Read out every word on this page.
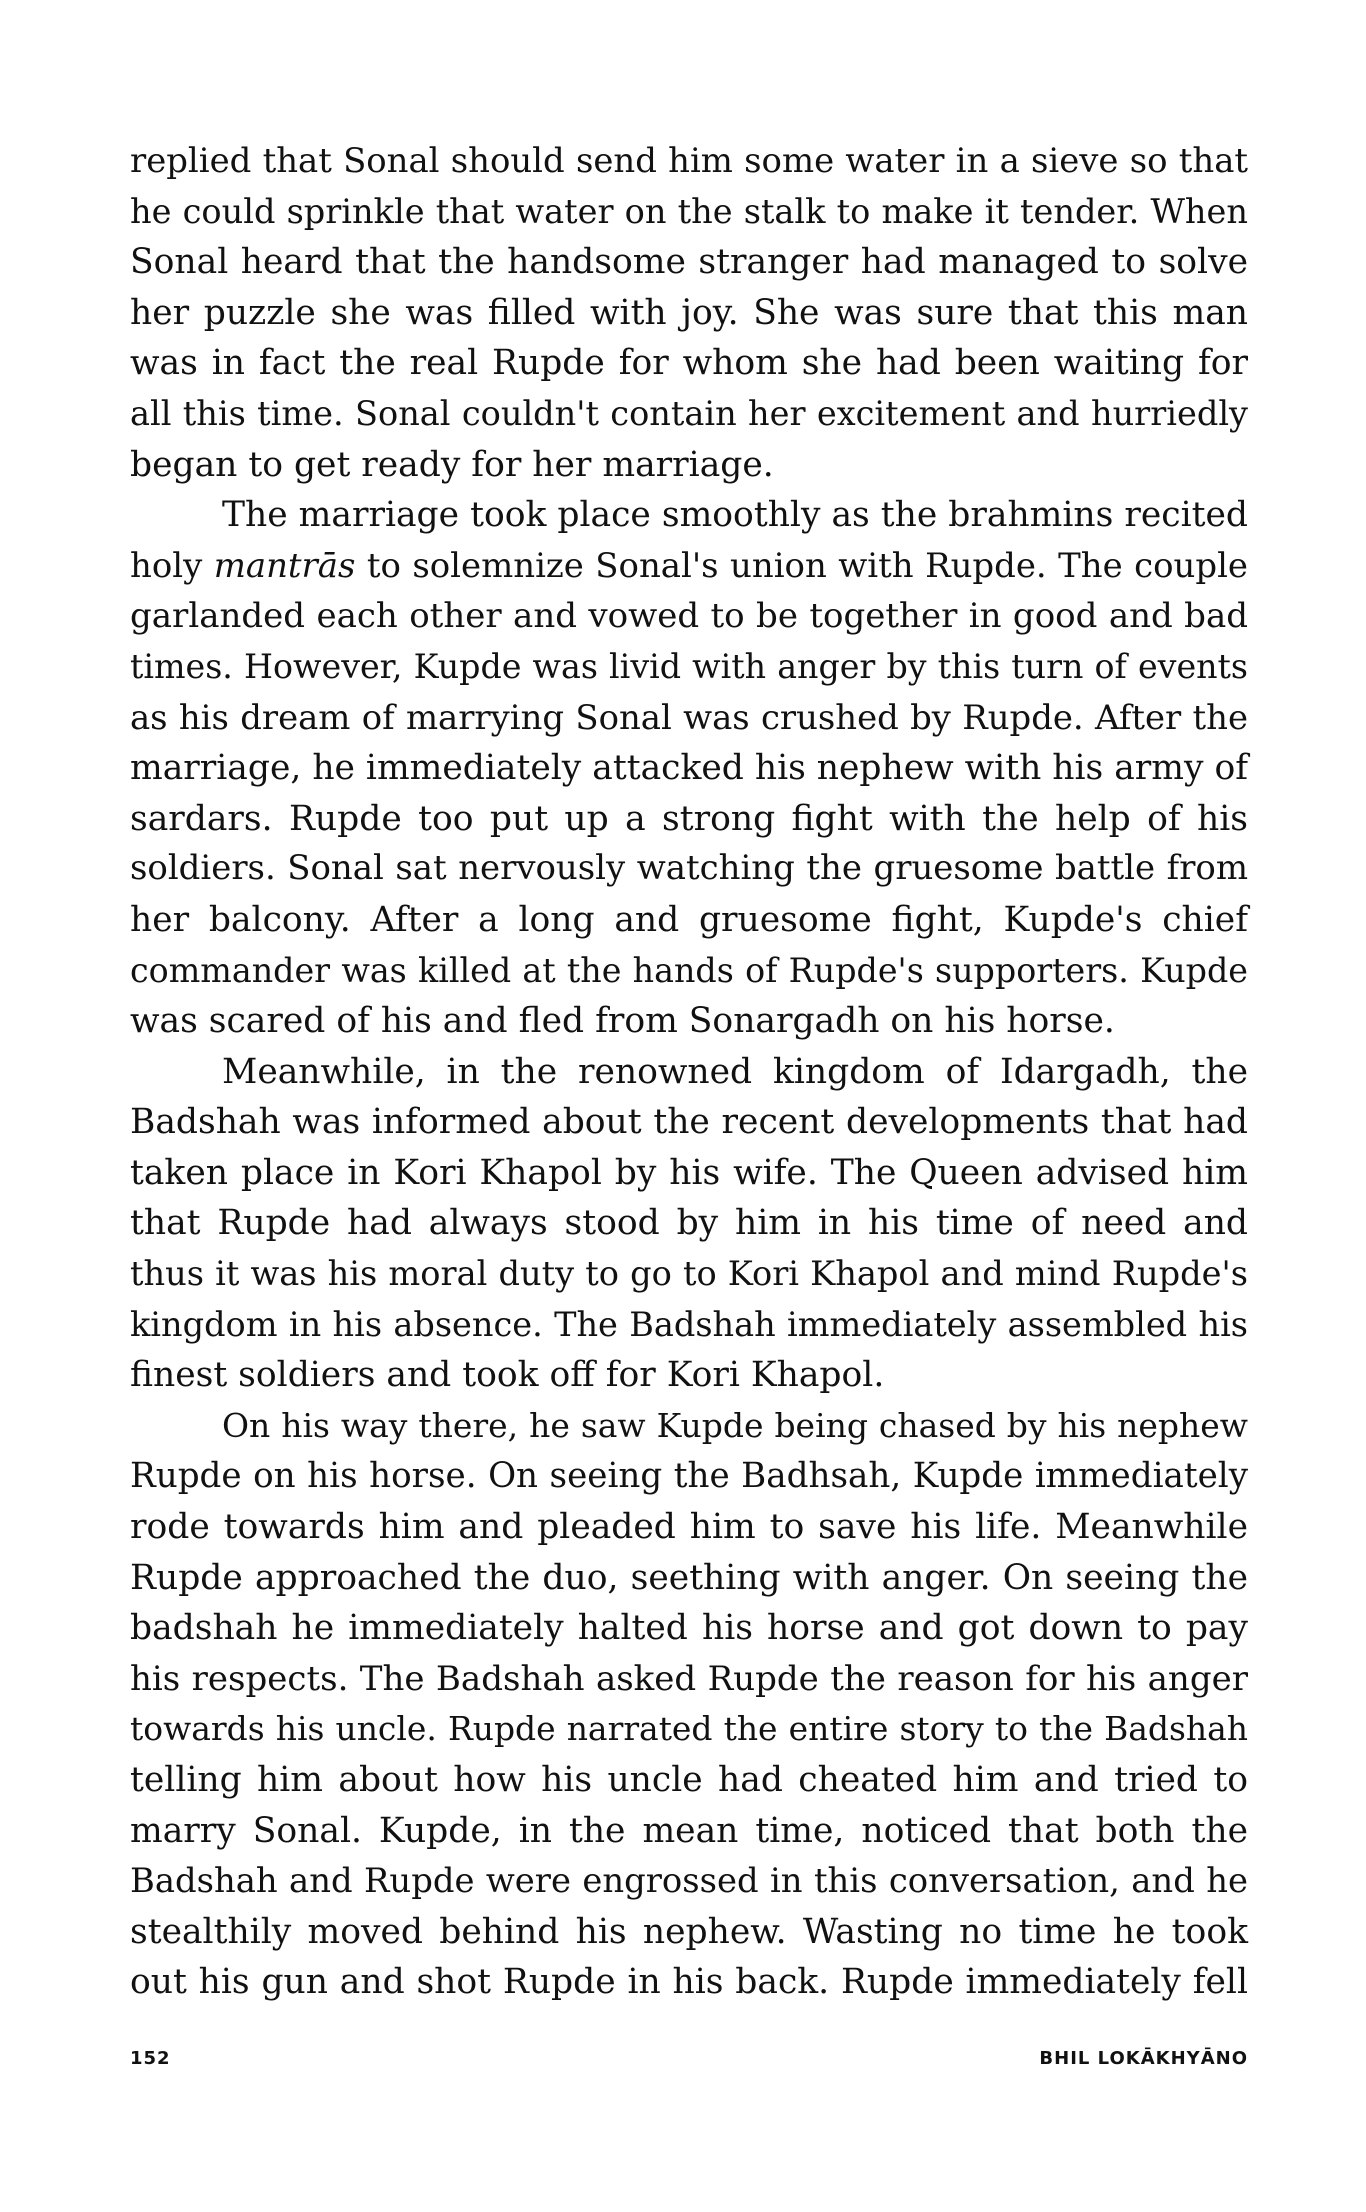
replied that Sonal should send him some water in a sieve so that
he could sprinkle that water on the stalk to make it tender. When
Sonal heard that the handsome stranger had managed to solve
her puzzle she was filled with joy. She was sure that this man
was in fact the real Rupde for whom she had been waiting for
all this time. Sonal couldn't contain her excitement and hurriedly
began to get ready for her marriage.
The marriage took place smoothly as the brahmins recited
holy mantrās to solemnize Sonal's union with Rupde. The couple
garlanded each other and vowed to be together in good and bad
times. However, Kupde was livid with anger by this turn of events
as his dream of marrying Sonal was crushed by Rupde. After the
marriage, he immediately attacked his nephew with his army of
sardars. Rupde too put up a strong fight with the help of his
soldiers. Sonal sat nervously watching the gruesome battle from
her balcony. After a long and gruesome fight, Kupde's chief
commander was killed at the hands of Rupde's supporters. Kupde
was scared of his and fled from Sonargadh on his horse.
Meanwhile, in the renowned kingdom of Idargadh, the
Badshah was informed about the recent developments that had
taken place in Kori Khapol by his wife. The Queen advised him
that Rupde had always stood by him in his time of need and
thus it was his moral duty to go to Kori Khapol and mind Rupde's
kingdom in his absence. The Badshah immediately assembled his
finest soldiers and took off for Kori Khapol.
On his way there, he saw Kupde being chased by his nephew
Rupde on his horse. On seeing the Badhsah, Kupde immediately
rode towards him and pleaded him to save his life. Meanwhile
Rupde approached the duo, seething with anger. On seeing the
badshah he immediately halted his horse and got down to pay
his respects. The Badshah asked Rupde the reason for his anger
towards his uncle. Rupde narrated the entire story to the Badshah
telling him about how his uncle had cheated him and tried to
marry Sonal. Kupde, in the mean time, noticed that both the
Badshah and Rupde were engrossed in this conversation, and he
stealthily moved behind his nephew. Wasting no time he took
out his gun and shot Rupde in his back. Rupde immediately fell
152	BHIL LOKĀKHYĀNO
